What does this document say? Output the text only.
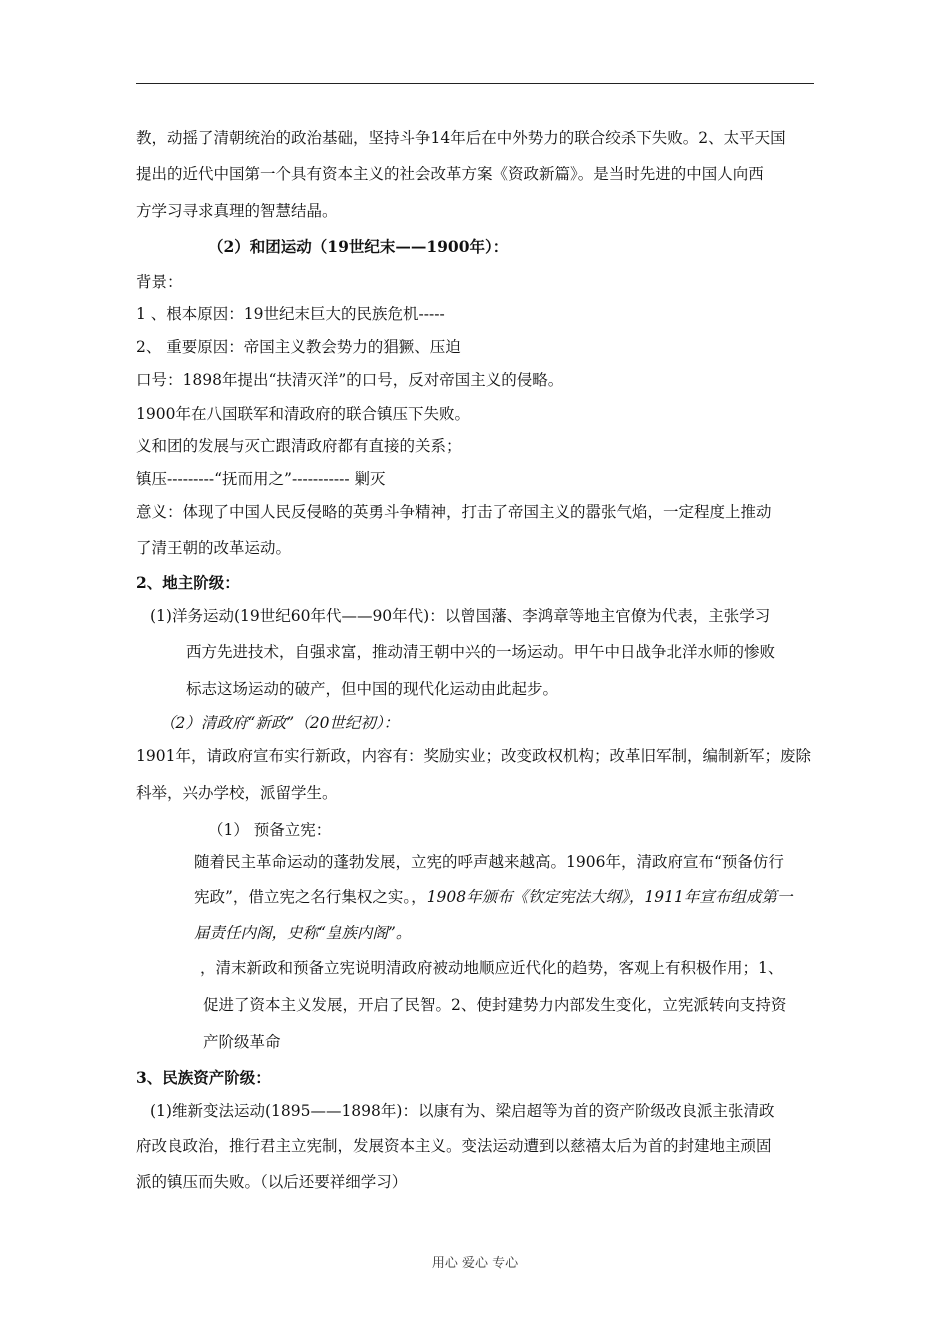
教，动摇了清朝统治的政治基础，坚持斗争14年后在中外势力的联合绞杀下失败。2、太平天国
提出的近代中国第一个具有资本主义的社会改革方案《资政新篇》。是当时先进的中国人向西
方学习寻求真理的智慧结晶。
（2）和团运动（19世纪末——1900年）：
背景：
1 、根本原因：19世纪末巨大的民族危机-----
2、 重要原因：帝国主义教会势力的猖獗、压迫
口号：1898年提出“扶清灭洋”的口号，反对帝国主义的侵略。
1900年在八国联军和清政府的联合镇压下失败。
义和团的发展与灭亡跟清政府都有直接的关系；
镇压---------“抚而用之”----------- 剿灭
意义：体现了中国人民反侵略的英勇斗争精神，打击了帝国主义的嚣张气焰，一定程度上推动
了清王朝的改革运动。
2、地主阶级：
(1)洋务运动(19世纪60年代——90年代)：以曾国藩、李鸿章等地主官僚为代表，主张学习
西方先进技术，自强求富，推动清王朝中兴的一场运动。甲午中日战争北洋水师的惨败
标志这场运动的破产，但中国的现代化运动由此起步。
（2）清政府“新政”（20世纪初）：
1901年，请政府宣布实行新政，内容有：奖励实业；改变政权机构；改革旧军制，编制新军；废除
科举，兴办学校，派留学生。
（1） 预备立宪：
随着民主革命运动的蓬勃发展，立宪的呼声越来越高。1906年，清政府宣布“预备仿行
宪政”，借立宪之名行集权之实。，1908年颁布《钦定宪法大纲》，1911年宣布组成第一
届责任内阁，史称“皇族内阁”。
，清末新政和预备立宪说明清政府被动地顺应近代化的趋势，客观上有积极作用；1、
促进了资本主义发展，开启了民智。2、使封建势力内部发生变化，立宪派转向支持资
产阶级革命
3、民族资产阶级：
(1)维新变法运动(1895——1898年)：以康有为、梁启超等为首的资产阶级改良派主张清政
府改良政治，推行君主立宪制，发展资本主义。变法运动遭到以慈禧太后为首的封建地主顽固
派的镇压而失败。（以后还要祥细学习）
用心 爱心 专心
